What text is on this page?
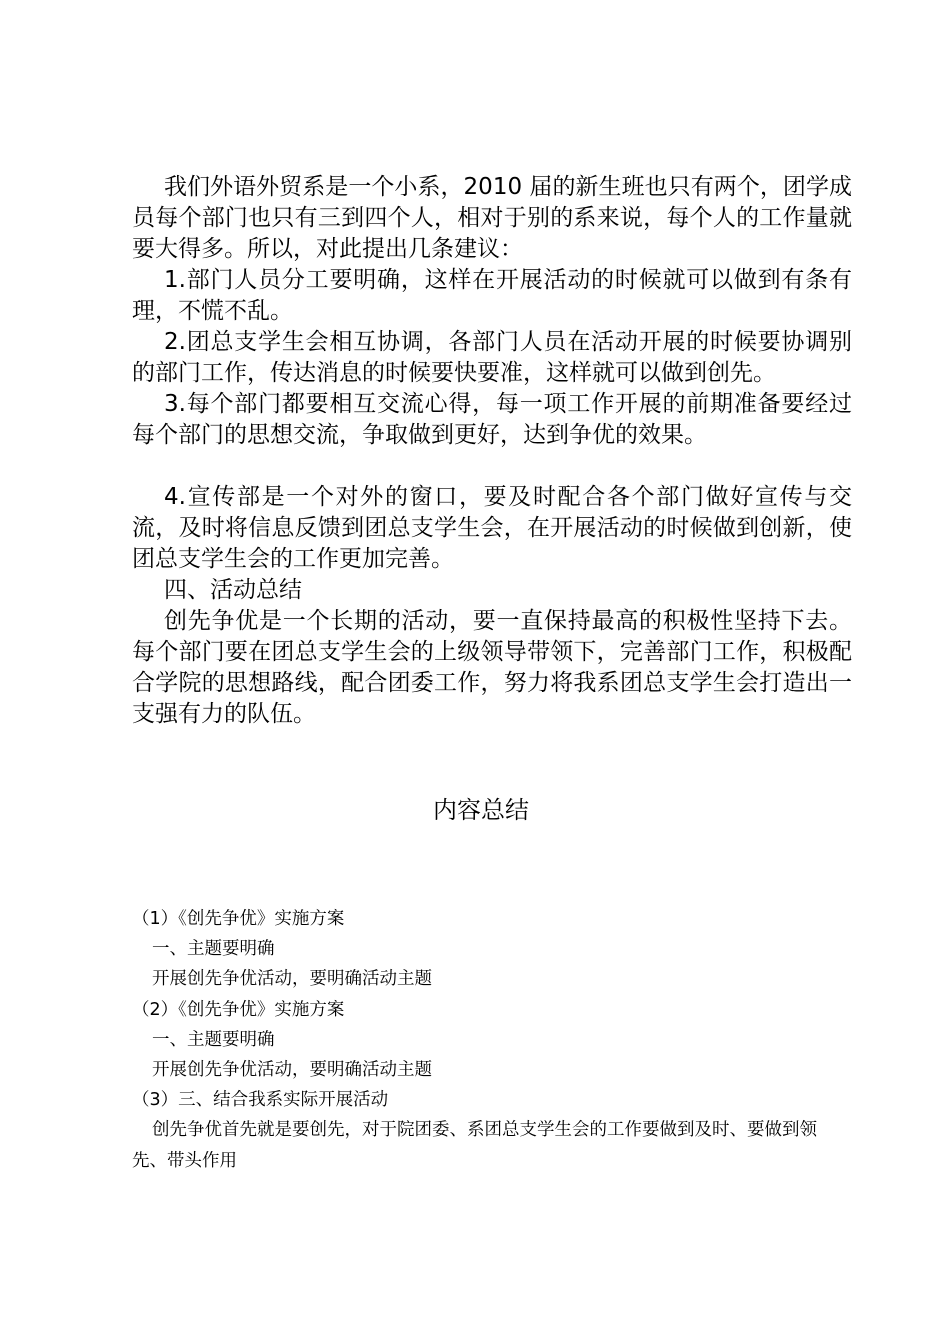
我们外语外贸系是一个小系，2010 届的新生班也只有两个，团学成员每个部门也只有三到四个人，相对于别的系来说，每个人的工作量就要大得多。所以，对此提出几条建议：

1.部门人员分工要明确，这样在开展活动的时候就可以做到有条有理，不慌不乱。

2.团总支学生会相互协调，各部门人员在活动开展的时候要协调别的部门工作，传达消息的时候要快要准，这样就可以做到创先。

3.每个部门都要相互交流心得，每一项工作开展的前期准备要经过每个部门的思想交流，争取做到更好，达到争优的效果。

4.宣传部是一个对外的窗口，要及时配合各个部门做好宣传与交流，及时将信息反馈到团总支学生会，在开展活动的时候做到创新，使团总支学生会的工作更加完善。

四、活动总结

创先争优是一个长期的活动，要一直保持最高的积极性坚持下去。每个部门要在团总支学生会的上级领导带领下，完善部门工作，积极配合学院的思想路线，配合团委工作，努力将我系团总支学生会打造出一支强有力的队伍。

内容总结

（1）《创先争优》实施方案

一、主题要明确

开展创先争优活动，要明确活动主题

（2）《创先争优》实施方案

一、主题要明确

开展创先争优活动，要明确活动主题

（3）三、结合我系实际开展活动

创先争优首先就是要创先，对于院团委、系团总支学生会的工作要做到及时、要做到领先、带头作用
